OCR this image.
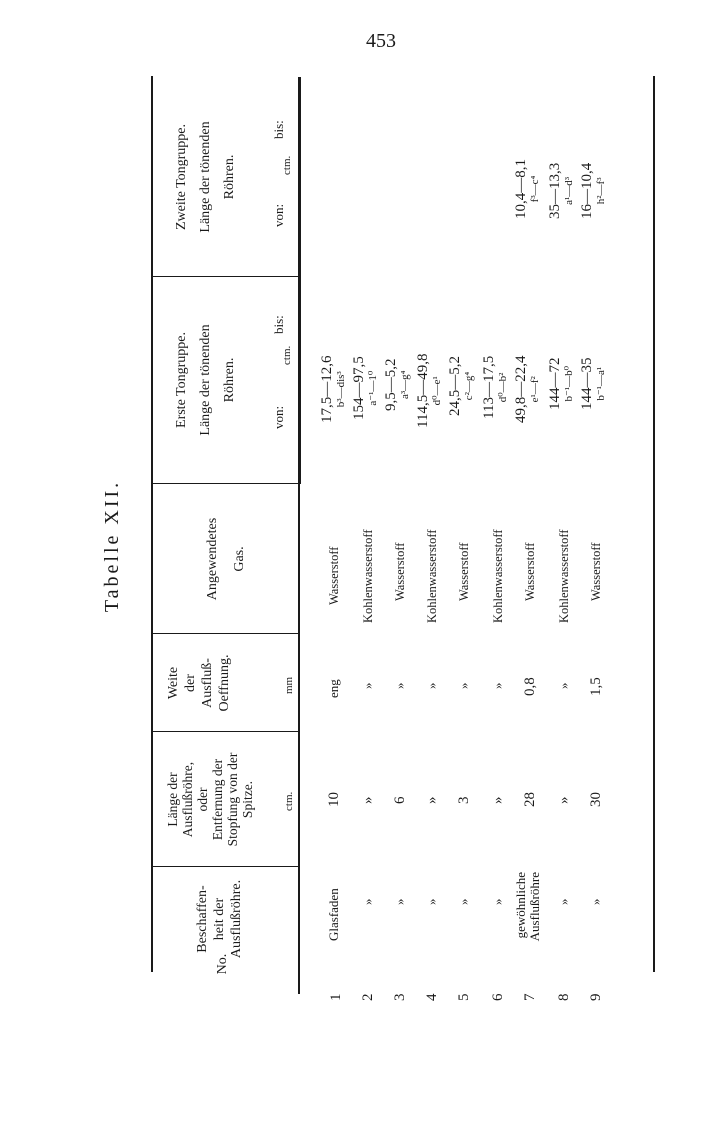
453
Tabelle XII.
No.
Beschaffen- heit der Ausflußröhre.
Länge der Ausflußröhre, oder Entfernung der Stopfung von der Spitze.	ctm.
Weite der Ausfluß- Oeffnung.	mm
Angewendetes Gas.
Erste Tongruppe. Länge der tönenden Röhren.
von:
ctm.
bis:
Zweite Tongruppe. Länge der tönenden Röhren.
von:
ctm.
bis:
1
Glasfaden
10
eng
Wasserstoff
17,5—12,6 b³—dis³
2
»
»
»
Kohlenwasserstoff
154—97,5 a⁻¹—1⁰
3
»
6
»
Wasserstoff
9,5—5,2 a³—g⁴
4
»
»
»
Kohlenwasserstoff
114,5—49,8 d⁰—e¹
5
»
3
»
Wasserstoff
24,5—5,2 c²—g⁴
6
»
»
»
Kohlenwasserstoff
113—17,5 d⁰—b²
7
gewöhnliche Ausflußröhre
28
0,8
Wasserstoff
49,8—22,4 e¹—f²
10,4—8,1 f³—c⁴
8
»
»
»
Kohlenwasserstoff
144—72 b⁻¹—b⁰
35—13,3 a¹—d³
9
»
30
1,5
Wasserstoff
144—35 b⁻¹—a¹
16—10,4 h²—f³
